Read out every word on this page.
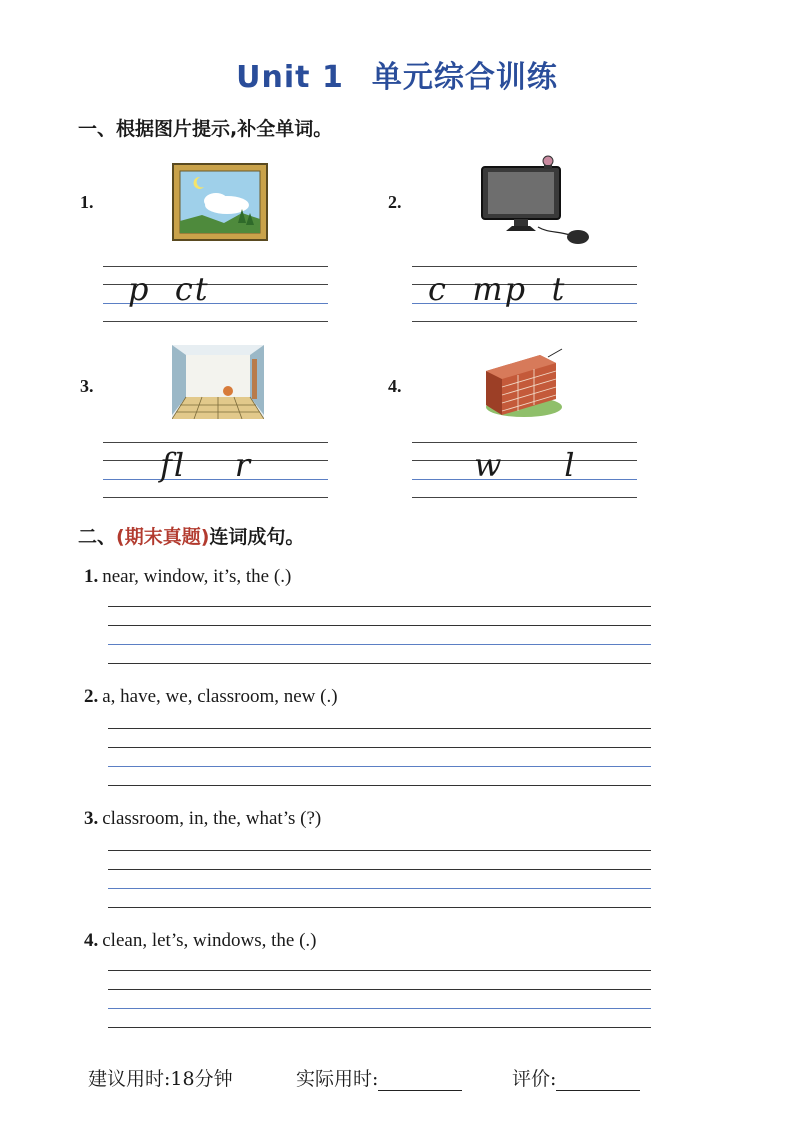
Unit 1 单元综合训练
一、根据图片提示,补全单词。
1.
p  ct
2.
c  mp  t
3.
fl    r
4.
w     l
二、(期末真题)连词成句。
1. near, window, it’s, the (.)
2. a, have, we, classroom, new (.)
3. classroom, in, the, what’s (?)
4. clean, let’s, windows, the (.)
建议用时:18分钟	实际用时:	评价:
